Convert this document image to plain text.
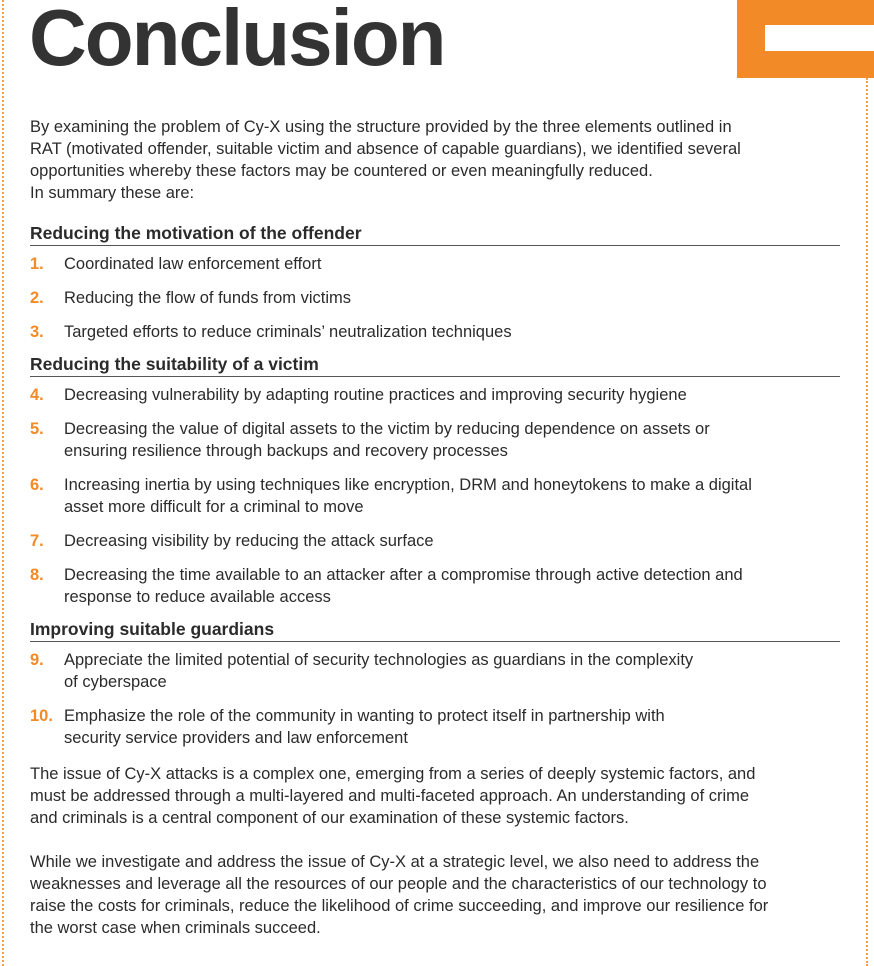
Conclusion

By examining the problem of Cy-X using the structure provided by the three elements outlined in
RAT (motivated offender, suitable victim and absence of capable guardians), we identified several
opportunities whereby these factors may be countered or even meaningfully reduced.
In summary these are:

Reducing the motivation of the offender
1. Coordinated law enforcement effort
2. Reducing the flow of funds from victims
3. Targeted efforts to reduce criminals’ neutralization techniques
Reducing the suitability of a victim
4. Decreasing vulnerability by adapting routine practices and improving security hygiene
5. Decreasing the value of digital assets to the victim by reducing dependence on assets or
ensuring resilience through backups and recovery processes
6. Increasing inertia by using techniques like encryption, DRM and honeytokens to make a digital
asset more difficult for a criminal to move
7. Decreasing visibility by reducing the attack surface
8. Decreasing the time available to an attacker after a compromise through active detection and
response to reduce available access
Improving suitable guardians
9. Appreciate the limited potential of security technologies as guardians in the complexity
of cyberspace
10. Emphasize the role of the community in wanting to protect itself in partnership with
security service providers and law enforcement

The issue of Cy-X attacks is a complex one, emerging from a series of deeply systemic factors, and
must be addressed through a multi-layered and multi-faceted approach. An understanding of crime
and criminals is a central component of our examination of these systemic factors.

While we investigate and address the issue of Cy-X at a strategic level, we also need to address the
weaknesses and leverage all the resources of our people and the characteristics of our technology to
raise the costs for criminals, reduce the likelihood of crime succeeding, and improve our resilience for
the worst case when criminals succeed.
